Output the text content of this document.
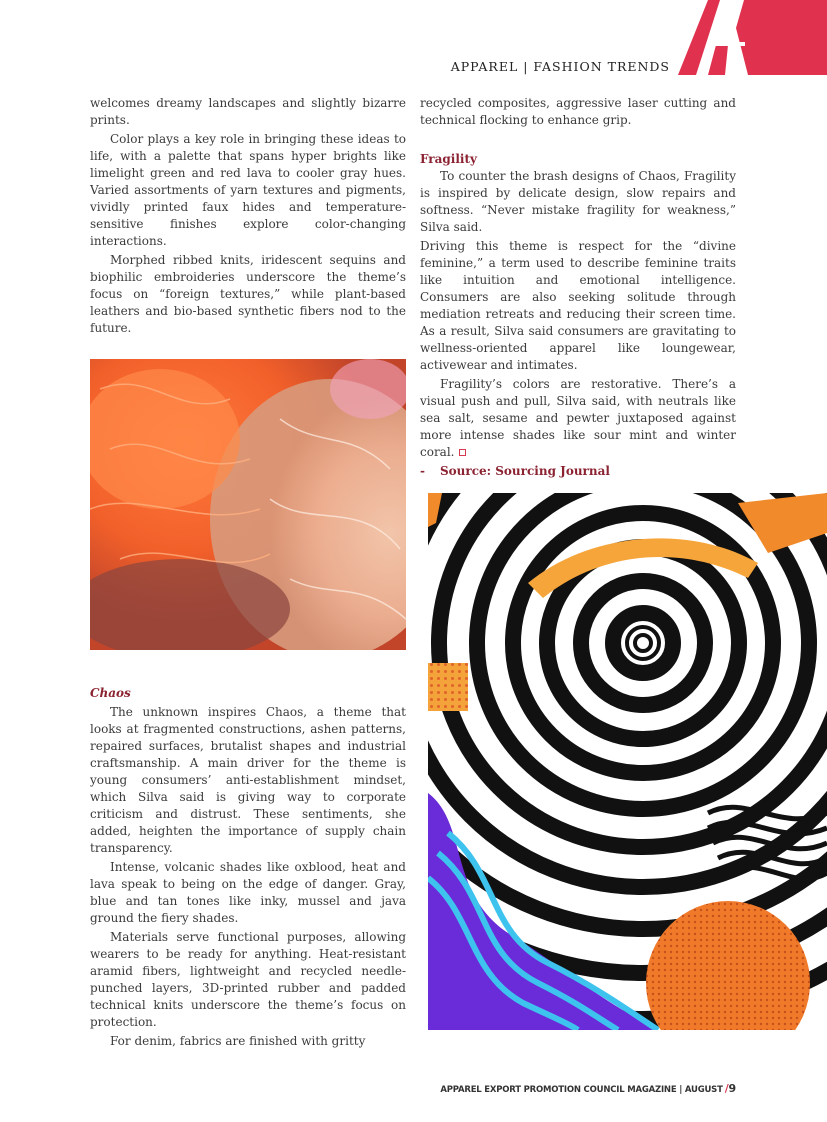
APPAREL | FASHION TRENDS

welcomes dreamy landscapes and slightly bizarre prints.

Color plays a key role in bringing these ideas to life, with a palette that spans hyper brights like limelight green and red lava to cooler gray hues. Varied assortments of yarn textures and pigments, vividly printed faux hides and temperature-sensitive finishes explore color-changing interactions.

Morphed ribbed knits, iridescent sequins and biophilic embroideries underscore the theme’s focus on “foreign textures,” while plant-based leathers and bio-based synthetic fibers nod to the future.

Chaos

The unknown inspires Chaos, a theme that looks at fragmented constructions, ashen patterns, repaired surfaces, brutalist shapes and industrial craftsmanship. A main driver for the theme is young consumers’ anti-establishment mindset, which Silva said is giving way to corporate criticism and distrust. These sentiments, she added, heighten the importance of supply chain transparency.

Intense, volcanic shades like oxblood, heat and lava speak to being on the edge of danger. Gray, blue and tan tones like inky, mussel and java ground the fiery shades.

Materials serve functional purposes, allowing wearers to be ready for anything. Heat-resistant aramid fibers, lightweight and recycled needle-punched layers, 3D-printed rubber and padded technical knits underscore the theme’s focus on protection.

For denim, fabrics are finished with gritty

recycled composites, aggressive laser cutting and technical flocking to enhance grip.

Fragility

To counter the brash designs of Chaos, Fragility is inspired by delicate design, slow repairs and softness. “Never mistake fragility for weakness,” Silva said.

Driving this theme is respect for the “divine feminine,” a term used to describe feminine traits like intuition and emotional intelligence. Consumers are also seeking solitude through mediation retreats and reducing their screen time. As a result, Silva said consumers are gravitating to wellness-oriented apparel like loungewear, activewear and intimates.

Fragility’s colors are restorative. There’s a visual push and pull, Silva said, with neutrals like sea salt, sesame and pewter juxtaposed against more intense shades like sour mint and winter coral.

- Source: Sourcing Journal
APPAREL EXPORT PROMOTION COUNCIL MAGAZINE | AUGUST /9
